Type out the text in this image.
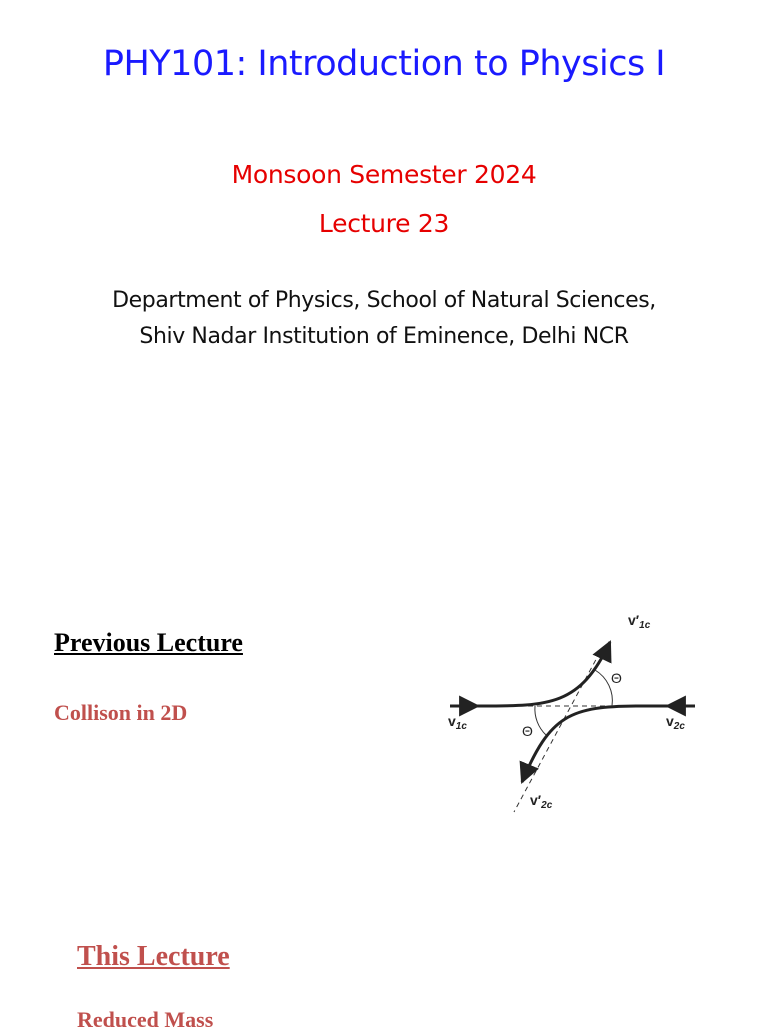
PHY101: Introduction to Physics I
Monsoon Semester 2024
Lecture 23
Department of Physics, School of Natural Sciences,
Shiv Nadar Institution of Eminence, Delhi NCR
Previous Lecture
Collison in 2D	$v_{1c}$	$v_{2c}$
$v'_{1c}$
$v'_{2c}$
Θ
Θ
This Lecture
Reduced Mass
